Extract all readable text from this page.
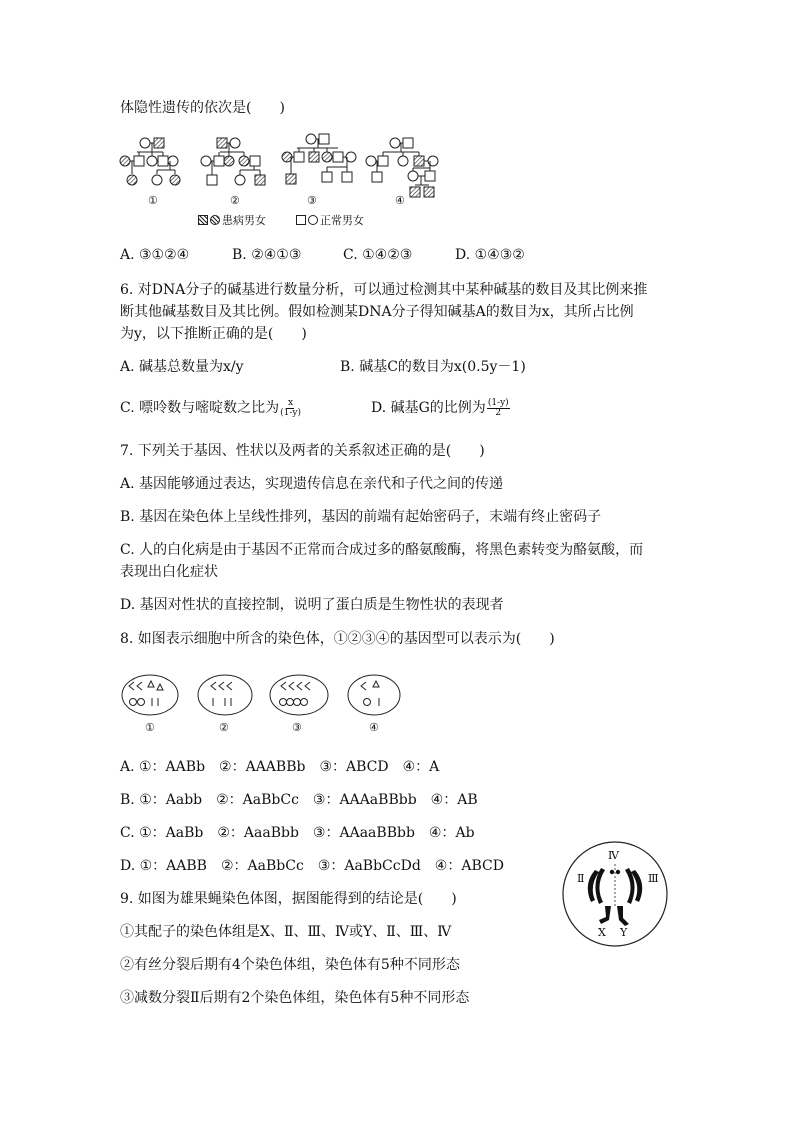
体隐性遗传的依次是(　　)
①	②	③	④
患病男女	正常男女
A. ③①②④	B. ②④①③	C. ①④②③	D. ①④③②
6. 对DNA分子的碱基进行数量分析，可以通过检测其中某种碱基的数目及其比例来推
断其他碱基数目及其比例。假如检测某DNA分子得知碱基A的数目为x，其所占比例
为y，以下推断正确的是(　　)
A. 碱基总数量为x/y	B. 碱基C的数目为x(0.5y－1)
C. 嘌呤数与嘧啶数之比为 $\frac{x}{(1-y)}$	D. 碱基G的比例为 $\frac{(1-y)}{2}$
7. 下列关于基因、性状以及两者的关系叙述正确的是(　　)
A. 基因能够通过表达，实现遗传信息在亲代和子代之间的传递
B. 基因在染色体上呈线性排列，基因的前端有起始密码子，末端有终止密码子
C. 人的白化病是由于基因不正常而合成过多的酪氨酸酶，将黑色素转变为酪氨酸，而
表现出白化症状
D. 基因对性状的直接控制，说明了蛋白质是生物性状的表现者
8. 如图表示细胞中所含的染色体，①②③④的基因型可以表示为(　　)
①	②	③	④
A. ①：AABb　②：AAABBb　③：ABCD　④：A
B. ①：Aabb　②：AaBbCc　③：AAAaBBbb　④：AB
C. ①：AaBb　②：AaaBbb　③：AAaaBBbb　④：Ab
D. ①：AABB　②：AaBbCc　③：AaBbCcDd　④：ABCD
9. 如图为雄果蝇染色体图，据图能得到的结论是(　　)
①其配子的染色体组是X、Ⅱ、Ⅲ、Ⅳ或Y、Ⅱ、Ⅲ、Ⅳ
②有丝分裂后期有4个染色体组，染色体有5种不同形态
③减数分裂Ⅱ后期有2个染色体组，染色体有5种不同形态
Ⅳ
Ⅱ	Ⅲ
X Y
